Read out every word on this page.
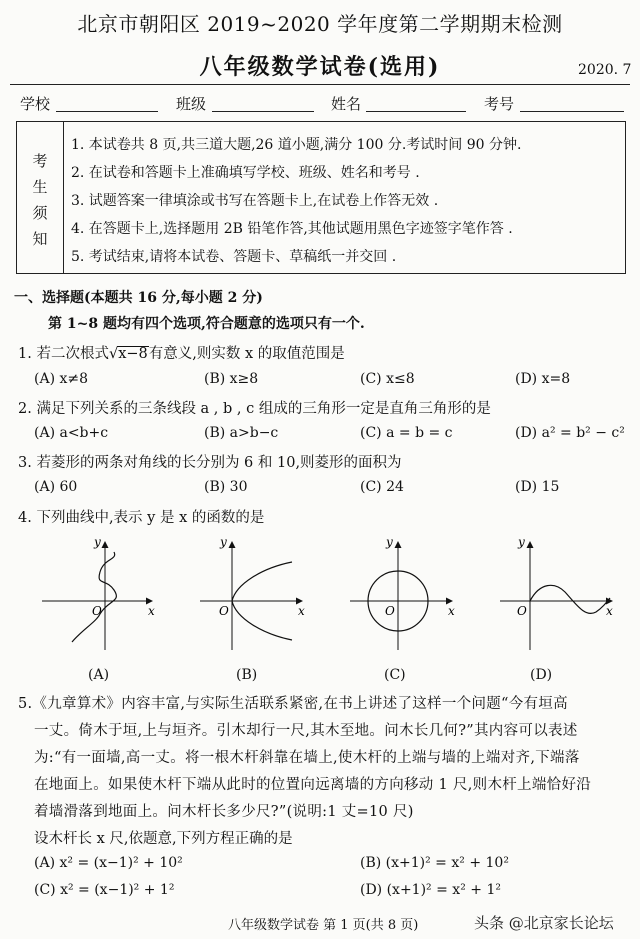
北京市朝阳区 2019~2020 学年度第二学期期末检测
八年级数学试卷(选用)	2020. 7
学校	班级	姓名	考号
考
生
须
知
1. 本试卷共 8 页,共三道大题,26 道小题,满分 100 分.考试时间 90 分钟.
2. 在试卷和答题卡上准确填写学校、班级、姓名和考号 .
3. 试题答案一律填涂或书写在答题卡上,在试卷上作答无效 .
4. 在答题卡上,选择题用 2B 铅笔作答,其他试题用黑色字迹签字笔作答 .
5. 考试结束,请将本试卷、答题卡、草稿纸一并交回 .
一、选择题(本题共 16 分,每小题 2 分)
第 1~8 题均有四个选项,符合题意的选项只有一个.
1. 若二次根式√x−8有意义,则实数 x 的取值范围是
(A) x≠8	(B) x≥8	(C) x≤8	(D) x=8
2. 满足下列关系的三条线段 a , b , c 组成的三角形一定是直角三角形的是
(A) a<b+c	(B) a>b−c	(C) a = b = c	(D) a² = b² − c²
3. 若菱形的两条对角线的长分别为 6 和 10,则菱形的面积为
(A) 60	(B) 30	(C) 24	(D) 15
4. 下列曲线中,表示 y 是 x 的函数的是
y
x
O
y
x
O
y
x
O
y
x
O
(A)	(B)	(C)	(D)
5.《九章算术》内容丰富,与实际生活联系紧密,在书上讲述了这样一个问题“今有垣高
一丈。倚木于垣,上与垣齐。引木却行一尺,其木至地。问木长几何?”其内容可以表述
为:“有一面墙,高一丈。将一根木杆斜靠在墙上,使木杆的上端与墙的上端对齐,下端落
在地面上。如果使木杆下端从此时的位置向远离墙的方向移动 1 尺,则木杆上端恰好沿
着墙滑落到地面上。问木杆长多少尺?”(说明:1 丈=10 尺)
设木杆长 x 尺,依题意,下列方程正确的是
(A) x² = (x−1)² + 10²	(B) (x+1)² = x² + 10²
(C) x² = (x−1)² + 1²	(D) (x+1)² = x² + 1²
八年级数学试卷 第 1 页(共 8 页)	头条 @北京家长论坛
